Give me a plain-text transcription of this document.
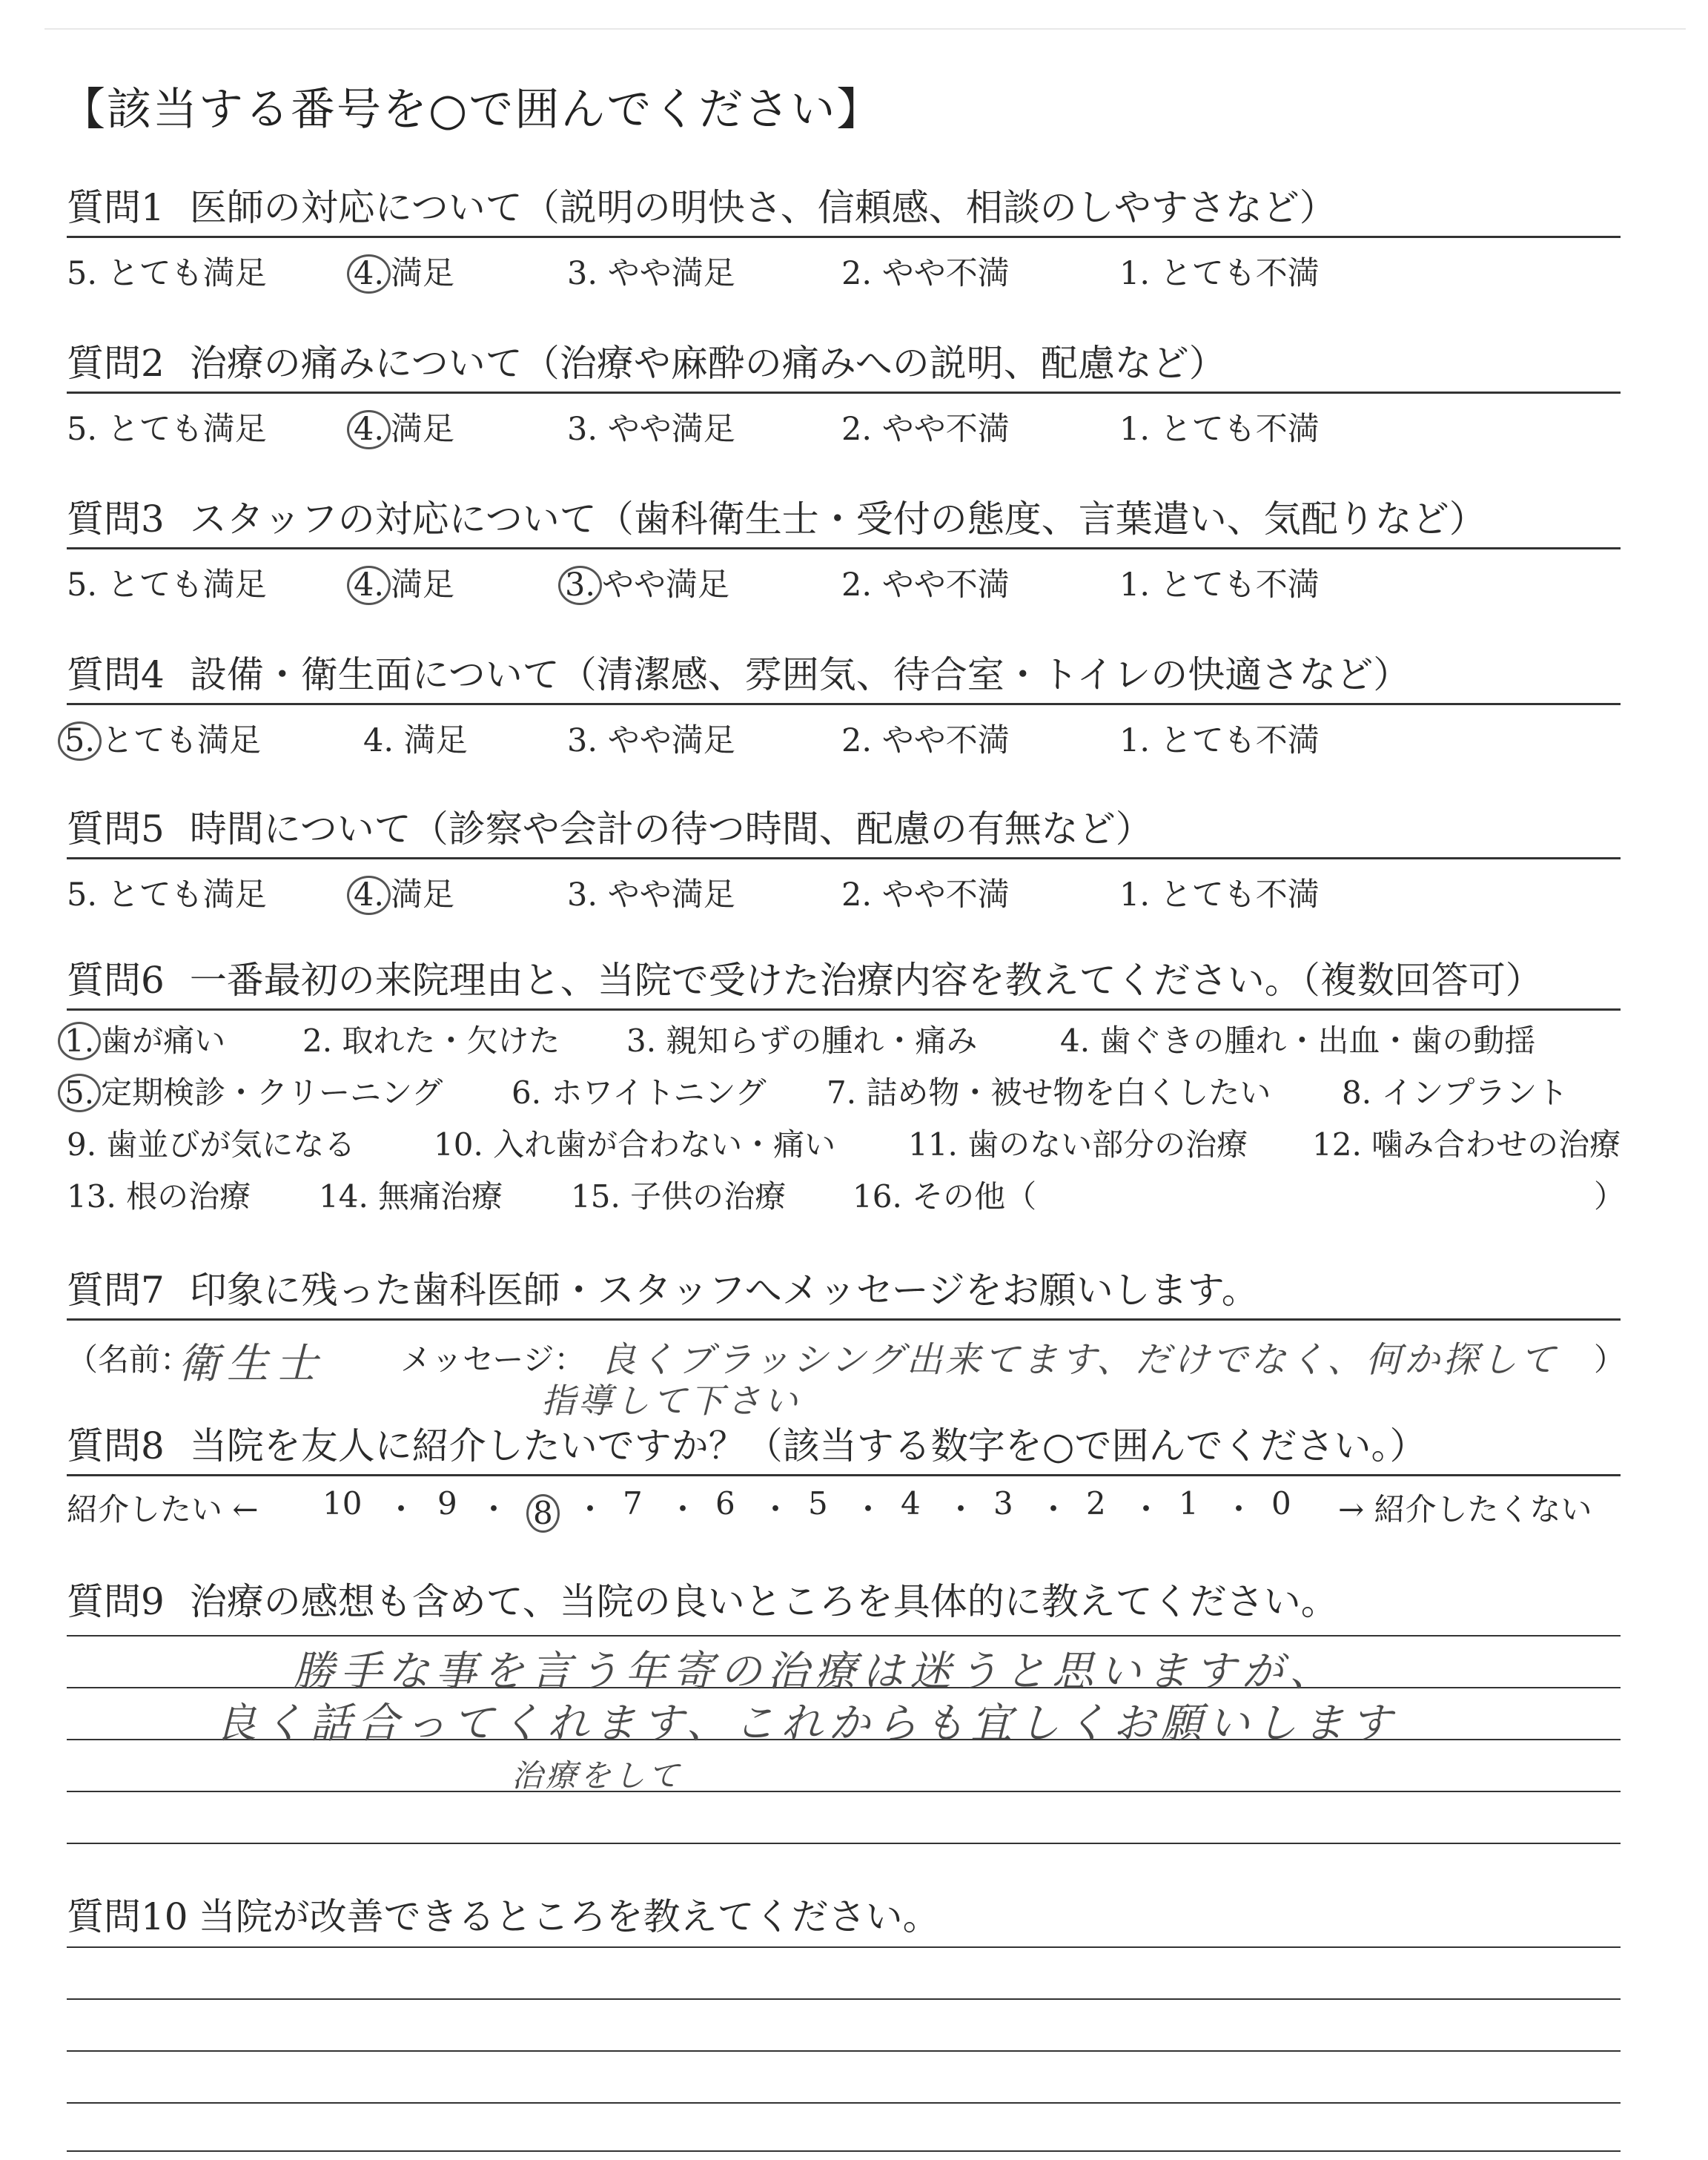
【該当する番号を○で囲んでください】
質問1 医師の対応について（説明の明快さ、信頼感、相談のしやすさなど）
5. とても満足	4. 満足	3. やや満足	2. やや不満	1. とても不満
質問2 治療の痛みについて（治療や麻酔の痛みへの説明、配慮など）
5. とても満足	4. 満足	3. やや満足	2. やや不満	1. とても不満
質問3 スタッフの対応について（歯科衛生士・受付の態度、言葉遣い、気配りなど）
5. とても満足	4. 満足	3. やや満足	2. やや不満	1. とても不満
質問4 設備・衛生面について（清潔感、雰囲気、待合室・トイレの快適さなど）
5. とても満足	4. 満足	3. やや満足	2. やや不満	1. とても不満
質問5 時間について（診察や会計の待つ時間、配慮の有無など）
5. とても満足	4. 満足	3. やや満足	2. やや不満	1. とても不満
質問6 一番最初の来院理由と、当院で受けた治療内容を教えてください。（複数回答可）
1. 歯が痛い 2. 取れた・欠けた 3. 親知らずの腫れ・痛み	4. 歯ぐきの腫れ・出血・歯の動揺
5. 定期検診・クリーニング 6. ホワイトニング 7. 詰め物・被せ物を白くしたい 8. インプラント
9. 歯並びが気になる	10. 入れ歯が合わない・痛い 11. 歯のない部分の治療 12. 噛み合わせの治療
13. 根の治療 14. 無痛治療 15. 子供の治療 16. その他（	）
質問7 印象に残った歯科医師・スタッフへメッセージをお願いします。
（名前：
衛生士 メッセージ： 良くブラッシング出来てます、だけでなく、何か探して ）
指導して下さい
質問8 当院を友人に紹介したいですか？（該当する数字を○で囲んでください。）
紹介したい ← 10 ・ 9 ・ 8 ・ 7 ・ 6 ・ 5 ・ 4 ・ 3 ・ 2 ・ 1 ・ 0 → 紹介したくない
質問9 治療の感想も含めて、当院の良いところを具体的に教えてください。
勝手な事を言う年寄の治療は迷うと思いますが、
良く話合ってくれます、これからも宜しくお願いします
治療をして
質問10 当院が改善できるところを教えてください。
